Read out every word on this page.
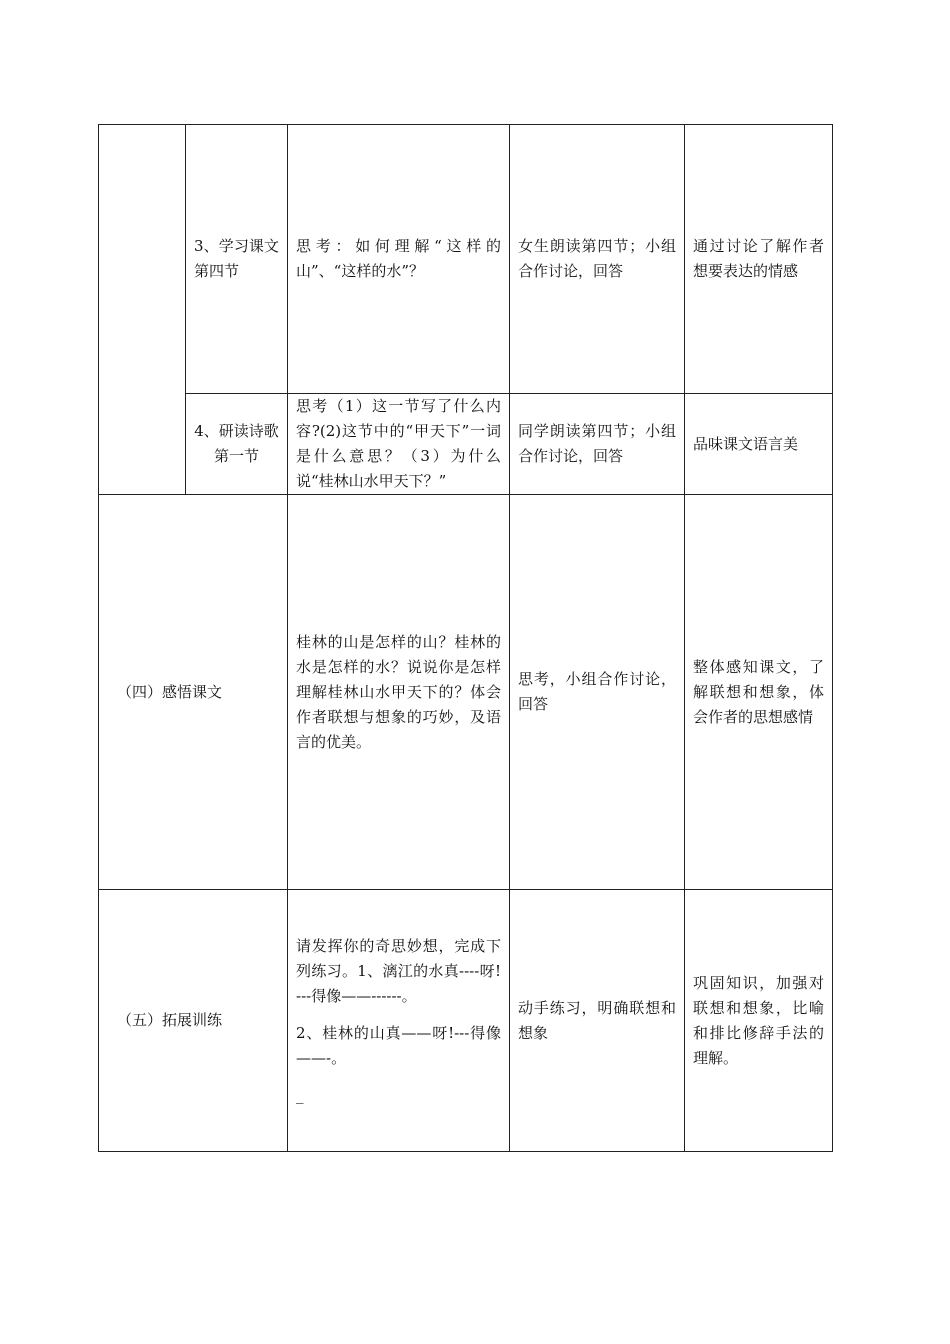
	3、学习课文第四节	思考：如何理解“这样的山”、“这样的水”？	女生朗读第四节；小组合作讨论，回答	通过讨论了解作者想要表达的情感
	4、研读诗歌第一节	思考（1）这一节写了什么内容?(2)这节中的“甲天下”一词是什么意思？（3）为什么说“桂林山水甲天下？”	同学朗读第四节；小组合作讨论，回答	品味课文语言美
（四）感悟课文		桂林的山是怎样的山？桂林的水是怎样的水？说说你是怎样理解桂林山水甲天下的？体会作者联想与想象的巧妙，及语言的优美。	思考，小组合作讨论，回答	整体感知课文，了解联想和想象，体会作者的思想感情
（五）拓展训练		请发挥你的奇思妙想，完成下列练习。1、漓江的水真----呀!---得像——------。
2、桂林的山真——呀!---得像——-。
_	动手练习，明确联想和想象	巩固知识，加强对联想和想象，比喻和排比修辞手法的理解。
